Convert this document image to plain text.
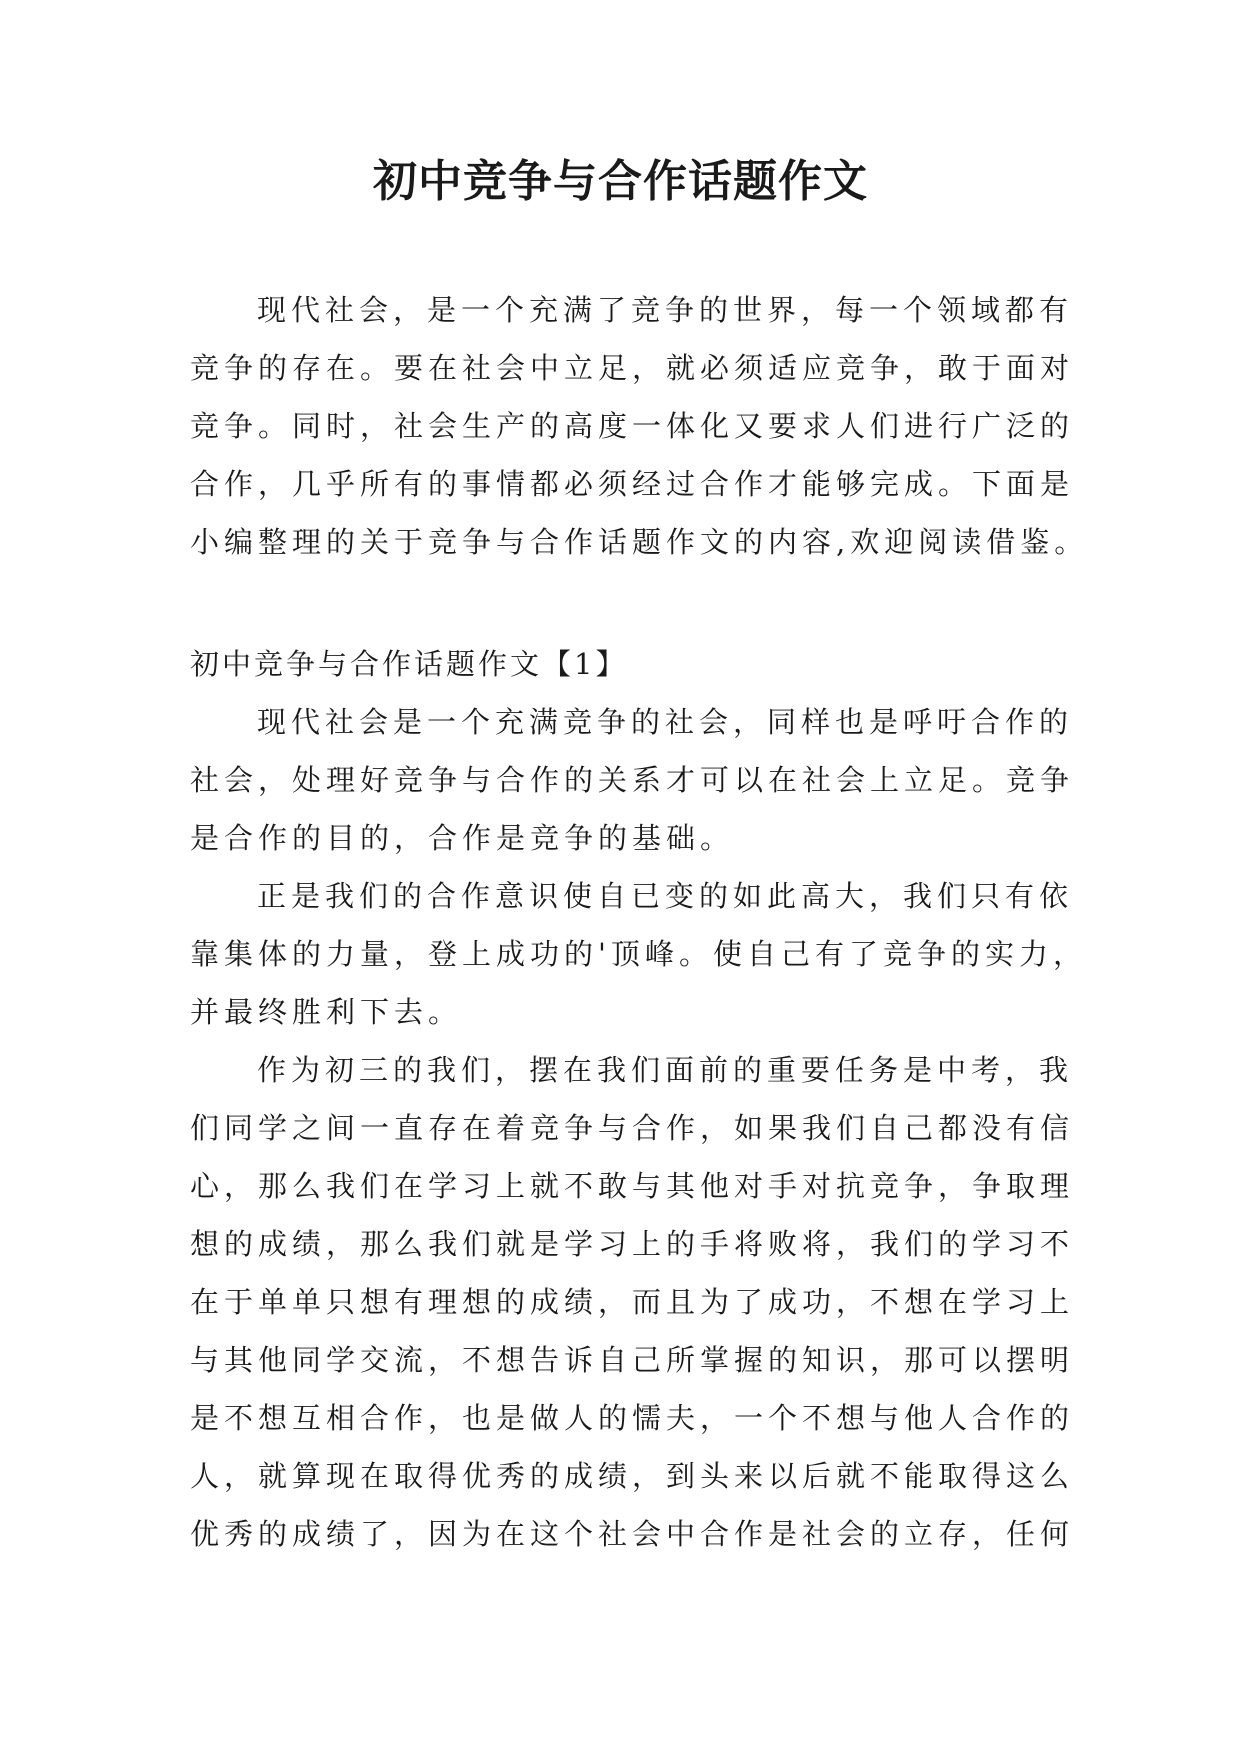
初中竞争与合作话题作文
现代社会，是一个充满了竞争的世界，每一个领域都有
竞争的存在。要在社会中立足，就必须适应竞争，敢于面对
竞争。同时，社会生产的高度一体化又要求人们进行广泛的
合作，几乎所有的事情都必须经过合作才能够完成。下面是
小编整理的关于竞争与合作话题作文的内容,欢迎阅读借鉴。
初中竞争与合作话题作文【1】
现代社会是一个充满竞争的社会，同样也是呼吁合作的
社会，处理好竞争与合作的关系才可以在社会上立足。竞争
是合作的目的，合作是竞争的基础。
正是我们的合作意识使自已变的如此高大，我们只有依
靠集体的力量，登上成功的'顶峰。使自己有了竞争的实力，
并最终胜利下去。
作为初三的我们，摆在我们面前的重要任务是中考，我
们同学之间一直存在着竞争与合作，如果我们自己都没有信
心，那么我们在学习上就不敢与其他对手对抗竞争，争取理
想的成绩，那么我们就是学习上的手将败将，我们的学习不
在于单单只想有理想的成绩，而且为了成功，不想在学习上
与其他同学交流，不想告诉自己所掌握的知识，那可以摆明
是不想互相合作，也是做人的懦夫，一个不想与他人合作的
人，就算现在取得优秀的成绩，到头来以后就不能取得这么
优秀的成绩了，因为在这个社会中合作是社会的立存，任何
